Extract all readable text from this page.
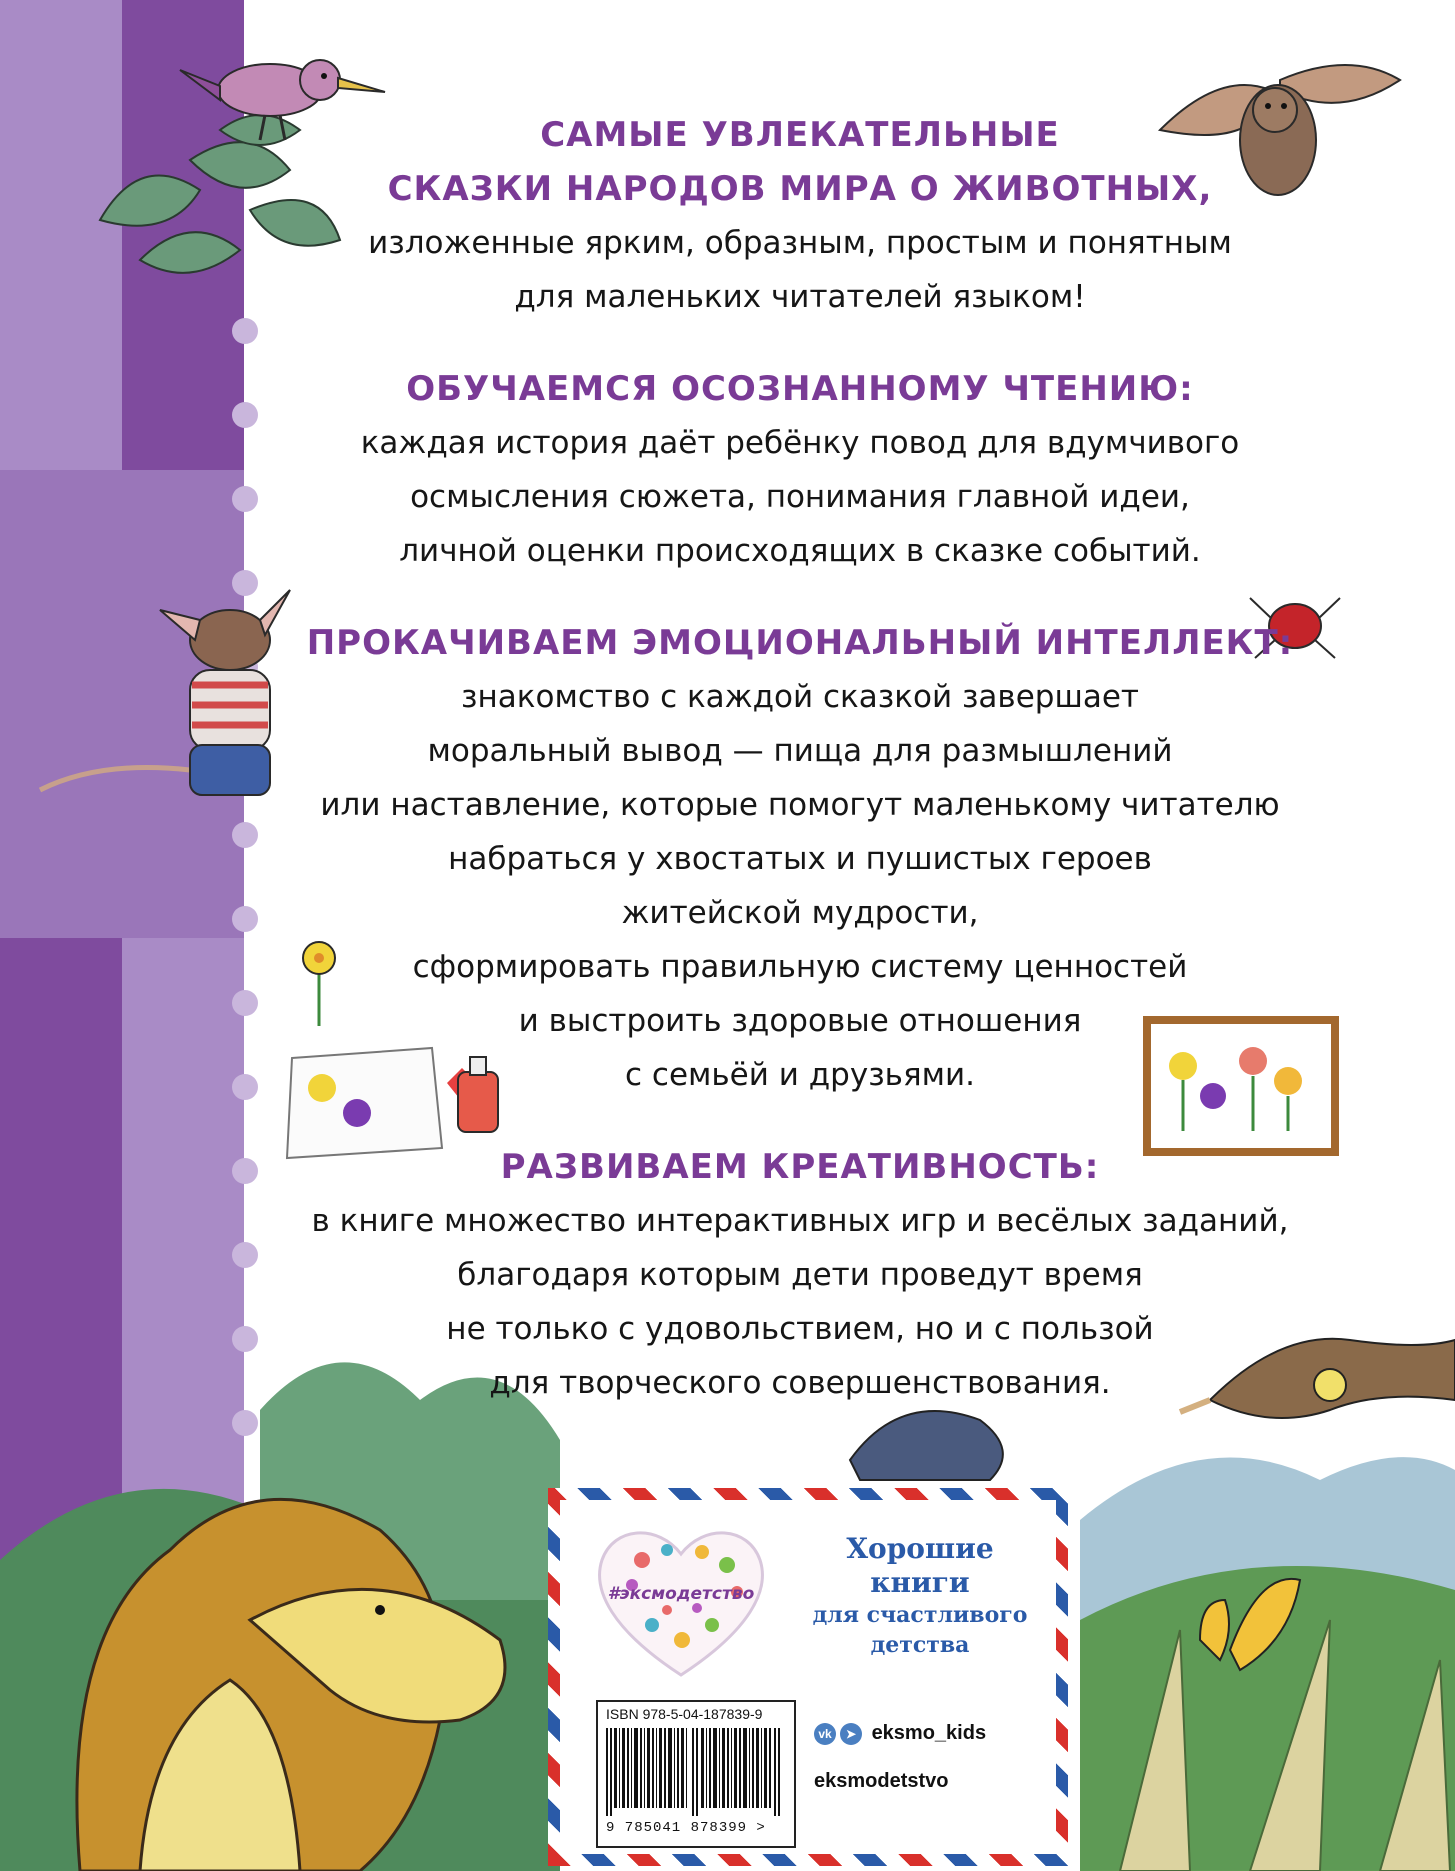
САМЫЕ УВЛЕКАТЕЛЬНЫЕ

СКАЗКИ НАРОДОВ МИРА О ЖИВОТНЫХ,

изложенные ярким, образным, простым и понятным

для маленьких читателей языком!

ОБУЧАЕМСЯ ОСОЗНАННОМУ ЧТЕНИЮ:

каждая история даёт ребёнку повод для вдумчивого

осмысления сюжета, понимания главной идеи,

личной оценки происходящих в сказке событий.

ПРОКАЧИВАЕМ ЭМОЦИОНАЛЬНЫЙ ИНТЕЛЛЕКТ:

знакомство с каждой сказкой завершает

моральный вывод — пища для размышлений

или наставление, которые помогут маленькому читателю

набраться у хвостатых и пушистых героев

житейской мудрости,

сформировать правильную систему ценностей

и выстроить здоровые отношения

с семьёй и друзьями.

РАЗВИВАЕМ КРЕАТИВНОСТЬ:

в книге множество интерактивных игр и весёлых заданий,

благодаря которым дети проведут время

не только с удовольствием, но и с пользой

для творческого совершенствования.

#эксмодетство
Хорошие
книги
для счастливого
детства
ISBN 978-5-04-187839-9
9 785041 878399 >
vk ➤ eksmo_kids
eksmodetstvo
